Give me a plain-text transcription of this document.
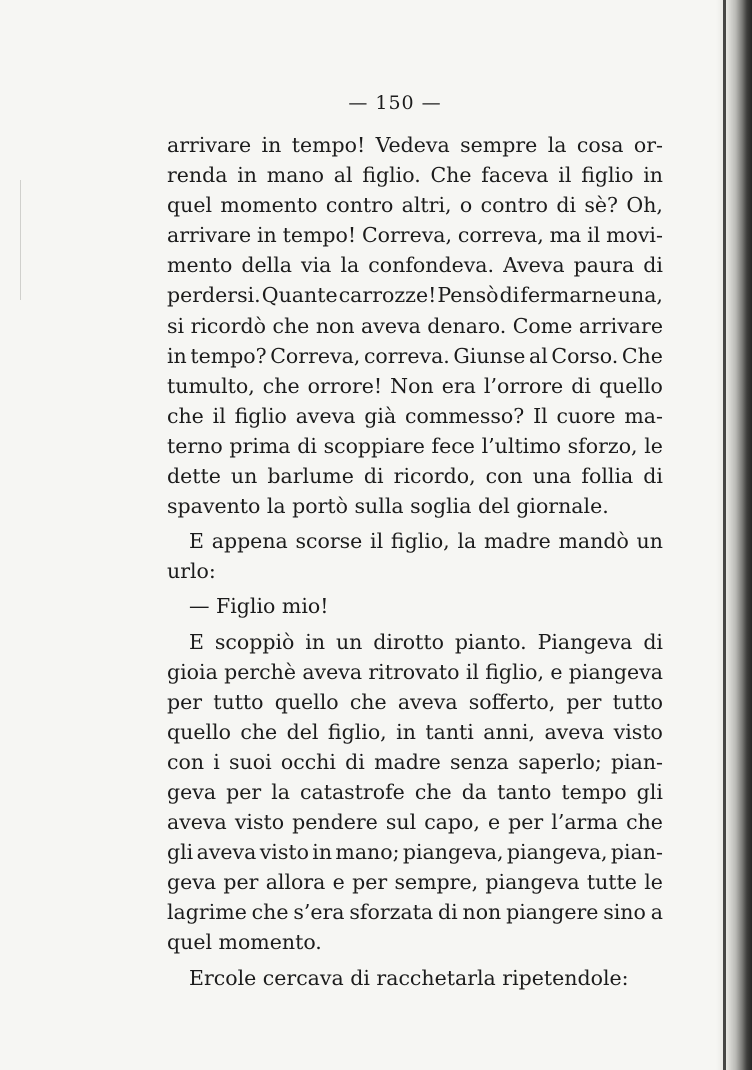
— 150 —
arrivare in tempo! Vedeva sempre la cosa or-
renda in mano al figlio. Che faceva il figlio in
quel momento contro altri, o contro di sè? Oh,
arrivare in tempo! Correva, correva, ma il movi-
mento della via la confondeva. Aveva paura di
perdersi. Quante carrozze! Pensò di fermarne una,
si ricordò che non aveva denaro. Come arrivare
in tempo? Correva, correva. Giunse al Corso. Che
tumulto, che orrore! Non era l’orrore di quello
che il figlio aveva già commesso? Il cuore ma-
terno prima di scoppiare fece l’ultimo sforzo, le
dette un barlume di ricordo, con una follia di
spavento la portò sulla soglia del giornale.
E appena scorse il figlio, la madre mandò un
urlo:
— Figlio mio!
E scoppiò in un dirotto pianto. Piangeva di
gioia perchè aveva ritrovato il figlio, e piangeva
per tutto quello che aveva sofferto, per tutto
quello che del figlio, in tanti anni, aveva visto
con i suoi occhi di madre senza saperlo; pian-
geva per la catastrofe che da tanto tempo gli
aveva visto pendere sul capo, e per l’arma che
gli aveva visto in mano; piangeva, piangeva, pian-
geva per allora e per sempre, piangeva tutte le
lagrime che s’era sforzata di non piangere sino a
quel momento.
Ercole cercava di racchetarla ripetendole:
